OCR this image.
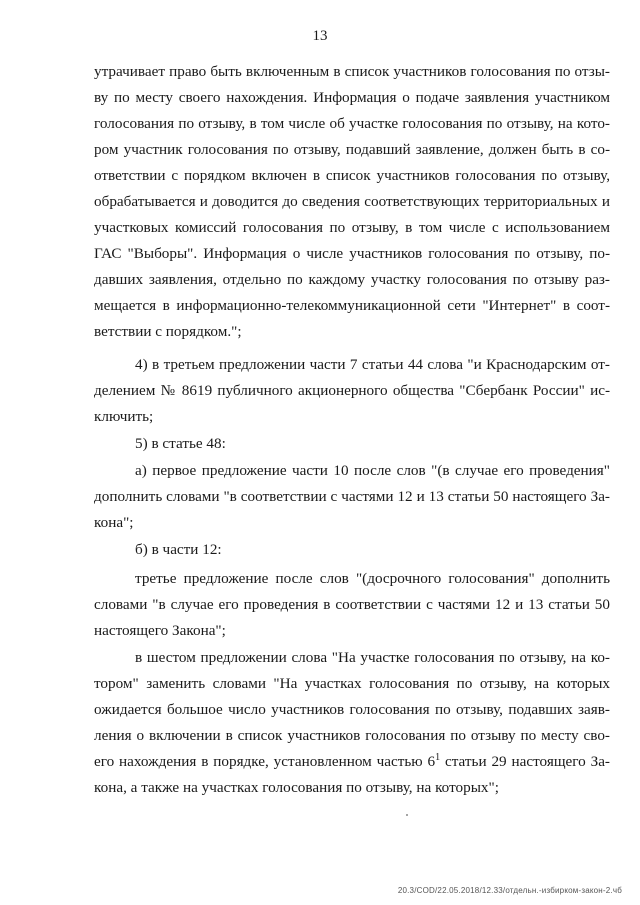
13
утрачивает право быть включенным в список участников голосования по отзы-
ву по месту своего нахождения. Информация о подаче заявления участником
голосования по отзыву, в том числе об участке голосования по отзыву, на кото-
ром участник голосования по отзыву, подавший заявление, должен быть в со-
ответствии с порядком включен в список участников голосования по отзыву,
обрабатывается и доводится до сведения соответствующих территориальных и
участковых комиссий голосования по отзыву, в том числе с использованием
ГАС "Выборы". Информация о числе участников голосования по отзыву, по-
давших заявления, отдельно по каждому участку голосования по отзыву раз-
мещается в информационно-телекоммуникационной сети "Интернет" в соот-
ветствии с порядком.";
4) в третьем предложении части 7 статьи 44 слова "и Краснодарским от-
делением № 8619 публичного акционерного общества "Сбербанк России" ис-
ключить;
5) в статье 48:
а) первое предложение части 10 после слов "(в случае его проведения"
дополнить словами "в соответствии с частями 12 и 13 статьи 50 настоящего За-
кона";
б) в части 12:
третье предложение после слов "(досрочного голосования" дополнить
словами "в случае его проведения в соответствии с частями 12 и 13 статьи 50
настоящего Закона";
в шестом предложении слова "На участке голосования по отзыву, на ко-
тором" заменить словами "На участках голосования по отзыву, на которых
ожидается большое число участников голосования по отзыву, подавших заяв-
ления о включении в список участников голосования по отзыву по месту сво-
его нахождения в порядке, установленном частью $6^1$ статьи 29 настоящего За-
кона, а также на участках голосования по отзыву, на которых";
20.3/COD/22.05.2018/12.33/отдельн.-избирком-закон-2.чб
